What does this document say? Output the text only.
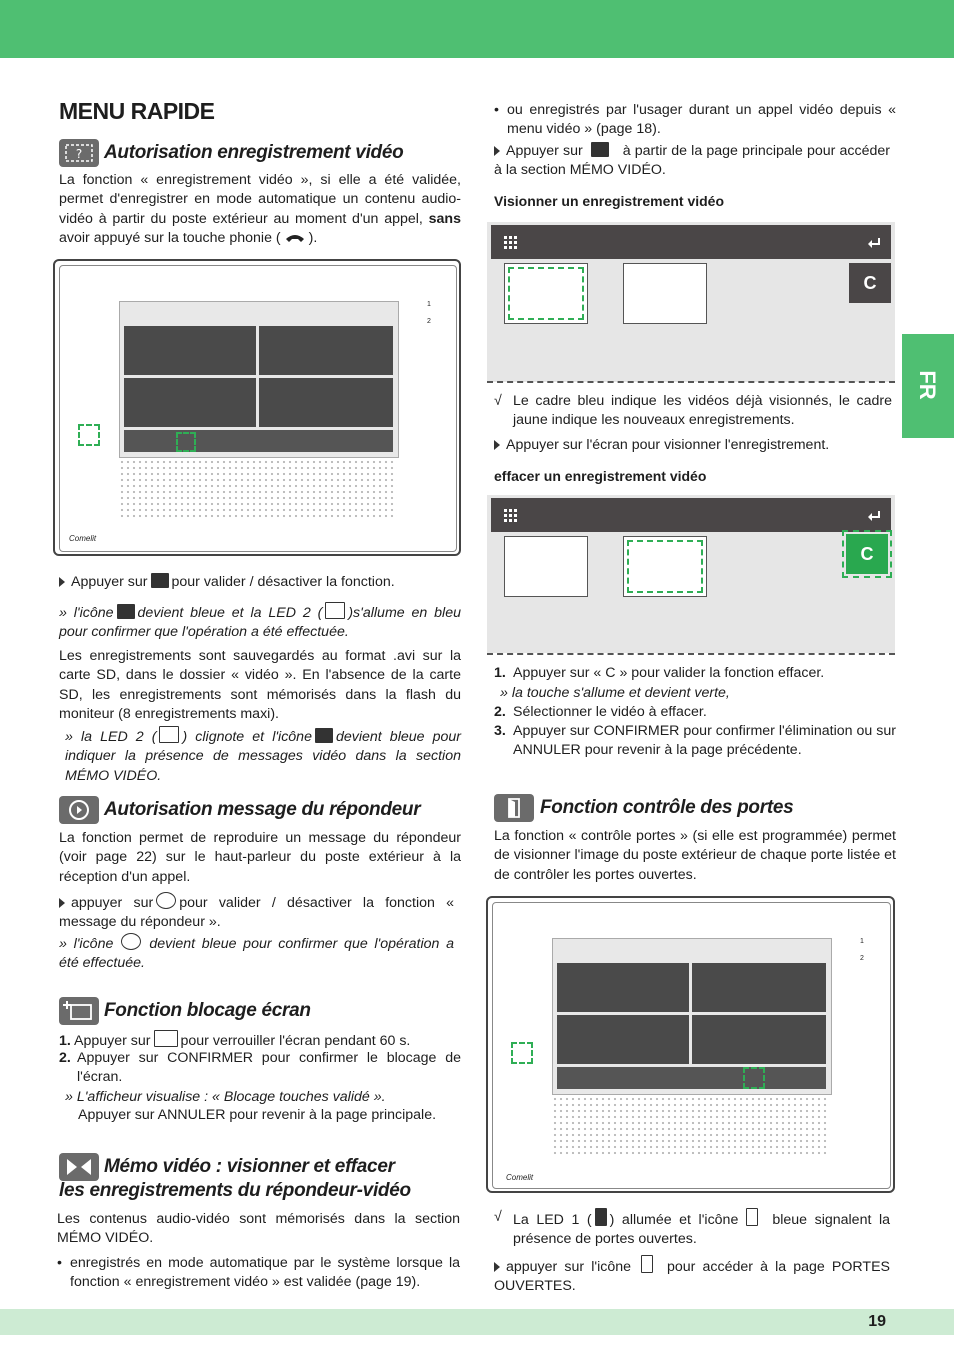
FR
19
MENU RAPIDE
? Autorisation enregistrement vidéo
La fonction « enregistrement vidéo », si elle a été validée, permet d'enregistrer en mode automatique un contenu audio-vidéo à partir du poste extérieur au moment d'un appel, sans avoir appuyé sur la touche phonie ( ).
1
2
Comelit
Appuyer sur pour valider / désactiver la fonction.
» l'icône devient bleue et la LED 2 ( )s'allume en bleu pour confirmer que l'opération a été effectuée.
Les enregistrements sont sauvegardés au format .avi sur la carte SD, dans le dossier « vidéo ». En l'absence de la carte SD, les enregistrements sont mémorisés dans la flash du moniteur (8 enregistrements maxi).
» la LED 2 ( ) clignote et l'icône devient bleue pour indiquer la présence de messages vidéo dans la section MÉMO VIDÉO.
Autorisation message du répondeur
La fonction permet de reproduire un message du répondeur (voir page 22) sur le haut-parleur du poste extérieur à la réception d'un appel.
appuyer sur pour valider / désactiver la fonction « message du répondeur ».
» l'icône	devient bleue pour confirmer que l'opération a été effectuée.
Fonction blocage écran
1. Appuyer sur pour verrouiller l'écran pendant 60 s.
2. Appuyer sur CONFIRMER pour confirmer le blocage de l'écran.
» L'afficheur visualise : « Blocage touches validé ».
Appuyer sur ANNULER pour revenir à la page principale.
Mémo vidéo : visionner et effacer
les enregistrements du répondeur-vidéo
Les contenus audio-vidéo sont mémorisés dans la section MÉMO VIDÉO.
• enregistrés en mode automatique par le système lorsque la fonction « enregistrement vidéo » est validée (page 19).
• ou enregistrés par l'usager durant un appel vidéo depuis « menu vidéo » (page 18).
Appuyer sur	à partir de la page principale pour accéder à la section MÉMO VIDÉO.
Visionner un enregistrement vidéo
C
√ Le cadre bleu indique les vidéos déjà visionnés, le cadre jaune indique les nouveaux enregistrements.
Appuyer sur l'écran pour visionner l'enregistrement.
effacer un enregistrement vidéo
C
1. Appuyer sur « C » pour valider la fonction effacer.
» la touche s'allume et devient verte,
2. Sélectionner le vidéo à effacer.
3. Appuyer sur CONFIRMER pour confirmer l'élimination ou sur ANNULER pour revenir à la page précédente.
Fonction contrôle des portes
La fonction « contrôle portes » (si elle est programmée) permet de visionner l'image du poste extérieur de chaque porte listée et de contrôler les portes ouvertes.
1
2
Comelit
√ La LED 1 ( ) allumée et l'icône bleue signalent la présence de portes ouvertes.
appuyer sur l'icône	pour accéder à la page PORTES OUVERTES.
